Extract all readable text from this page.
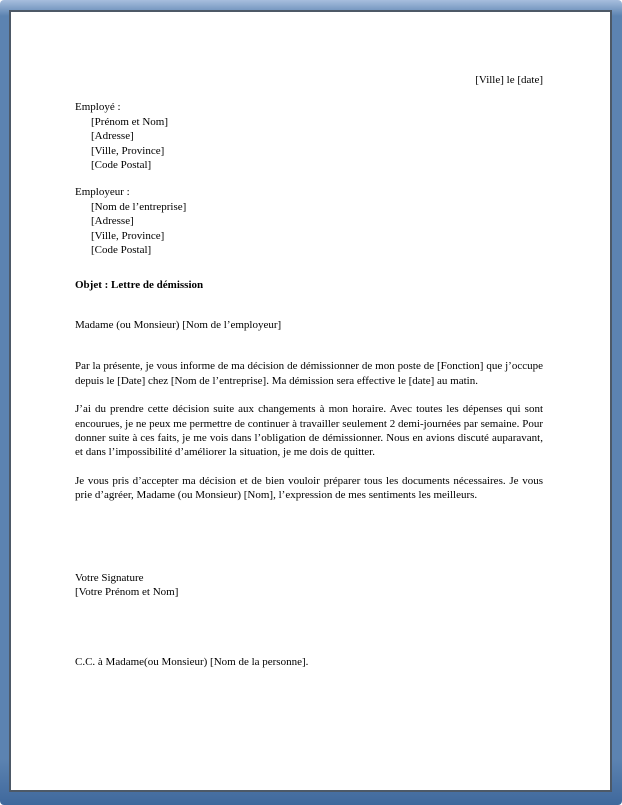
[Ville] le [date]
Employé :
[Prénom et Nom]
[Adresse]
[Ville, Province]
[Code Postal]
Employeur :
[Nom de l’entreprise]
[Adresse]
[Ville, Province]
[Code Postal]
Objet : Lettre de démission
Madame (ou Monsieur) [Nom de l’employeur]

Par la présente, je vous informe de ma décision de démissionner de mon poste de [Fonction] que j’occupe depuis le [Date] chez [Nom de l’entreprise]. Ma démission sera effective le [date] au matin.

J’ai du prendre cette décision suite aux changements à mon horaire. Avec toutes les dépenses qui sont encourues, je ne peux me permettre de continuer à travailler seulement 2 demi-journées par semaine. Pour donner suite à ces faits, je me vois dans l’obligation de démissionner. Nous en avions discuté auparavant, et dans l’impossibilité d’améliorer la situation, je me dois de quitter.

Je vous pris d’accepter ma décision et de bien vouloir préparer tous les documents nécessaires. Je vous prie d’agréer, Madame (ou Monsieur) [Nom], l’expression de mes sentiments les meilleurs.

Votre Signature
[Votre Prénom et Nom]
C.C. à Madame(ou Monsieur) [Nom de la personne].
